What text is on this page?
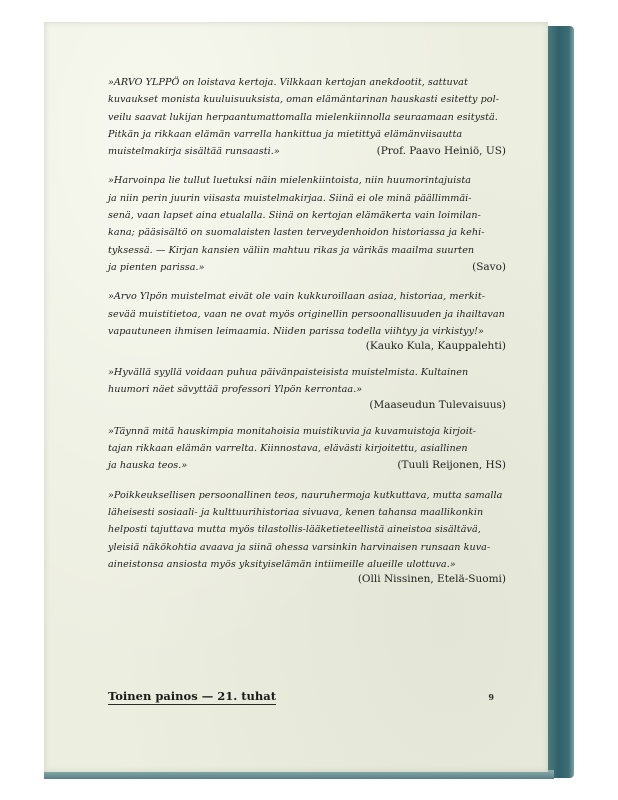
»ARVO YLPPÖ on loistava kertoja. Vilkkaan kertojan anekdootit, sattuvat

kuvaukset monista kuuluisuuksista, oman elämäntarinan hauskasti esitetty pol-

veilu saavat lukijan herpaantumattomalla mielenkiinnolla seuraamaan esitystä.

Pitkän ja rikkaan elämän varrella hankittua ja mietittyä elämänviisautta

muistelmakirja sisältää runsaasti.»	(Prof. Paavo Heiniö, US)

»Harvoinpa lie tullut luetuksi näin mielenkiintoista, niin huumorintajuista

ja niin perin juurin viisasta muistelmakirjaa. Siinä ei ole minä päällimmäi-

senä, vaan lapset aina etualalla. Siinä on kertojan elämäkerta vain loimilan-

kana; pääsisältö on suomalaisten lasten terveydenhoidon historiassa ja kehi-

tyksessä. — Kirjan kansien väliin mahtuu rikas ja värikäs maailma suurten

ja pienten parissa.»	(Savo)

»Arvo Ylpön muistelmat eivät ole vain kukkuroillaan asiaa, historiaa, merkit-

sevää muistitietoa, vaan ne ovat myös originellin persoonallisuuden ja ihailtavan

vapautuneen ihmisen leimaamia. Niiden parissa todella viihtyy ja virkistyy!»

(Kauko Kula, Kauppalehti)

»Hyvällä syyllä voidaan puhua päivänpaisteisista muistelmista. Kultainen

huumori näet sävyttää professori Ylpön kerrontaa.»

(Maaseudun Tulevaisuus)

»Täynnä mitä hauskimpia monitahoisia muistikuvia ja kuvamuistoja kirjoit-

tajan rikkaan elämän varrelta. Kiinnostava, elävästi kirjoitettu, asiallinen

ja hauska teos.»	(Tuuli Reijonen, HS)

»Poikkeuksellisen persoonallinen teos, nauruhermoja kutkuttava, mutta samalla

läheisesti sosiaali- ja kulttuurihistoriaa sivuava, kenen tahansa maallikonkin

helposti tajuttava mutta myös tilastollis-lääketieteellistä aineistoa sisältävä,

yleisiä näkökohtia avaava ja siinä ohessa varsinkin harvinaisen runsaan kuva-

aineistonsa ansiosta myös yksityiselämän intiimeille alueille ulottuva.»

(Olli Nissinen, Etelä-Suomi)
Toinen painos — 21. tuhat	9
